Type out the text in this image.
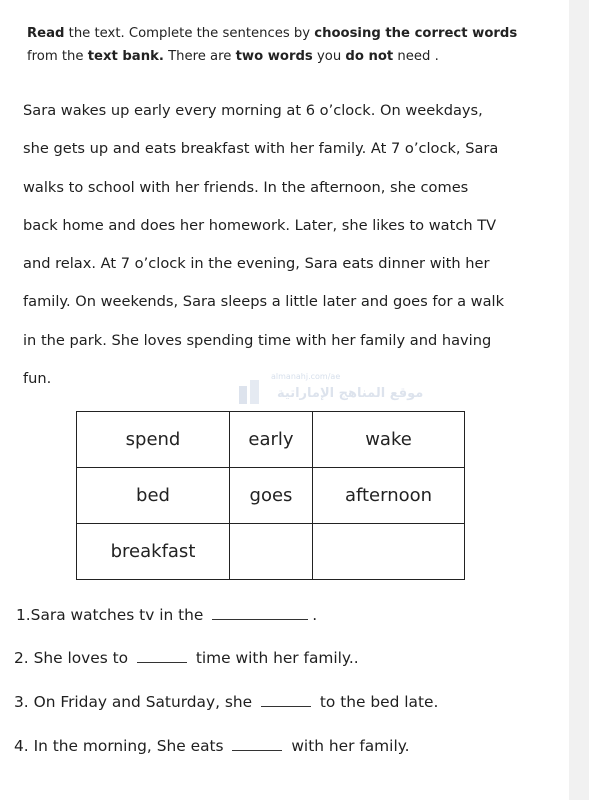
Read the text. Complete the sentences by choosing the correct words
from the text bank. There are two words you do not need .
Sara wakes up early every morning at 6 o’clock. On weekdays,
she gets up and eats breakfast with her family. At 7 o’clock, Sara
walks to school with her friends. In the afternoon, she comes
back home and does her homework. Later, she likes to watch TV
and relax. At 7 o’clock in the evening, Sara eats dinner with her
family. On weekends, Sara sleeps a little later and goes for a walk
in the park. She loves spending time with her family and having
fun.	almanahj.com/ae
موقع المناهج الإماراتية
spend	early	wake
bed	goes	afternoon
breakfast		
1.Sara watches tv in the	.
2. She loves to	time with her family..
3. On Friday and Saturday, she	to the bed late.
4. In the morning, She eats	with her family.
